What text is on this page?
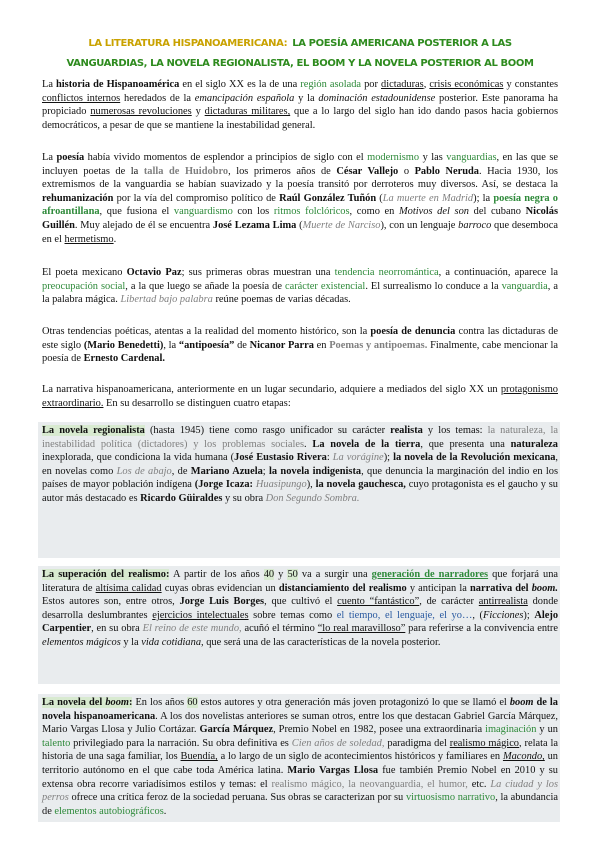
LA LITERATURA HISPANOAMERICANA: LA POESÍA AMERICANA POSTERIOR A LAS
VANGUARDIAS, LA NOVELA REGIONALISTA, EL BOOM Y LA NOVELA POSTERIOR AL BOOM

La historia de Hispanoamérica en el siglo XX es la de una región asolada por dictaduras, crisis económicas y constantes conflictos internos heredados de la emancipación española y la dominación estadounidense posterior. Este panorama ha propiciado numerosas revoluciones y dictaduras militares, que a lo largo del siglo han ido dando pasos hacia gobiernos democráticos, a pesar de que se mantiene la inestabilidad general.

La poesía había vivido momentos de esplendor a principios de siglo con el modernismo y las vanguardias, en las que se incluyen poetas de la talla de Huidobro, los primeros años de César Vallejo o Pablo Neruda. Hacia 1930, los extremismos de la vanguardia se habían suavizado y la poesía transitó por derroteros muy diversos. Así, se destaca la rehumanización por la vía del compromiso político de Raúl González Tuñón (La muerte en Madrid); la poesía negra o afroantillana, que fusiona el vanguardismo con los ritmos folclóricos, como en Motivos del son del cubano Nicolás Guillén. Muy alejado de él se encuentra José Lezama Lima (Muerte de Narciso), con un lenguaje barroco que desemboca en el hermetismo.

El poeta mexicano Octavio Paz; sus primeras obras muestran una tendencia neorromántica, a continuación, aparece la preocupación social, a la que luego se añade la poesía de carácter existencial. El surrealismo lo conduce a la vanguardia, a la palabra mágica. Libertad bajo palabra reúne poemas de varias décadas.

Otras tendencias poéticas, atentas a la realidad del momento histórico, son la poesía de denuncia contra las dictaduras de este siglo (Mario Benedetti), la “antipoesía” de Nicanor Parra en Poemas y antipoemas. Finalmente, cabe mencionar la poesía de Ernesto Cardenal.

La narrativa hispanoamericana, anteriormente en un lugar secundario, adquiere a mediados del siglo XX un protagonismo extraordinario. En su desarrollo se distinguen cuatro etapas:

La novela regionalista (hasta 1945) tiene como rasgo unificador su carácter realista y los temas: la naturaleza, la inestabilidad política (dictadores) y los problemas sociales. La novela de la tierra, que presenta una naturaleza inexplorada, que condiciona la vida humana (José Eustasio Rivera: La vorágine); la novela de la Revolución mexicana, en novelas como Los de abajo, de Mariano Azuela; la novela indigenista, que denuncia la marginación del indio en los países de mayor población indígena (Jorge Icaza: Huasipungo), la novela gauchesca, cuyo protagonista es el gaucho y su autor más destacado es Ricardo Güiraldes y su obra Don Segundo Sombra.

La superación del realismo: A partir de los años 40 y 50 va a surgir una generación de narradores que forjará una literatura de altísima calidad cuyas obras evidencian un distanciamiento del realismo y anticipan la narrativa del boom. Estos autores son, entre otros, Jorge Luis Borges, que cultivó el cuento “fantástico”, de carácter antirrealista donde desarrolla deslumbrantes ejercicios intelectuales sobre temas como el tiempo, el lenguaje, el yo…, (Ficciones); Alejo Carpentier, en su obra El reino de este mundo, acuñó el término “lo real maravilloso” para referirse a la convivencia entre elementos mágicos y la vida cotidiana, que será una de las características de la novela posterior.

La novela del boom: En los años 60 estos autores y otra generación más joven protagonizó lo que se llamó el boom de la novela hispanoamericana. A los dos novelistas anteriores se suman otros, entre los que destacan Gabriel García Márquez, Mario Vargas Llosa y Julio Cortázar. García Márquez, Premio Nobel en 1982, posee una extraordinaria imaginación y un talento privilegiado para la narración. Su obra definitiva es Cien años de soledad, paradigma del realismo mágico, relata la historia de una saga familiar, los Buendía, a lo largo de un siglo de acontecimientos históricos y familiares en Macondo, un territorio autónomo en el que cabe toda América latina. Mario Vargas Llosa fue también Premio Nobel en 2010 y su extensa obra recorre variadísimos estilos y temas: el realismo mágico, la neovanguardia, el humor, etc. La ciudad y los perros ofrece una crítica feroz de la sociedad peruana. Sus obras se caracterizan por su virtuosismo narrativo, la abundancia de elementos autobiográficos.
